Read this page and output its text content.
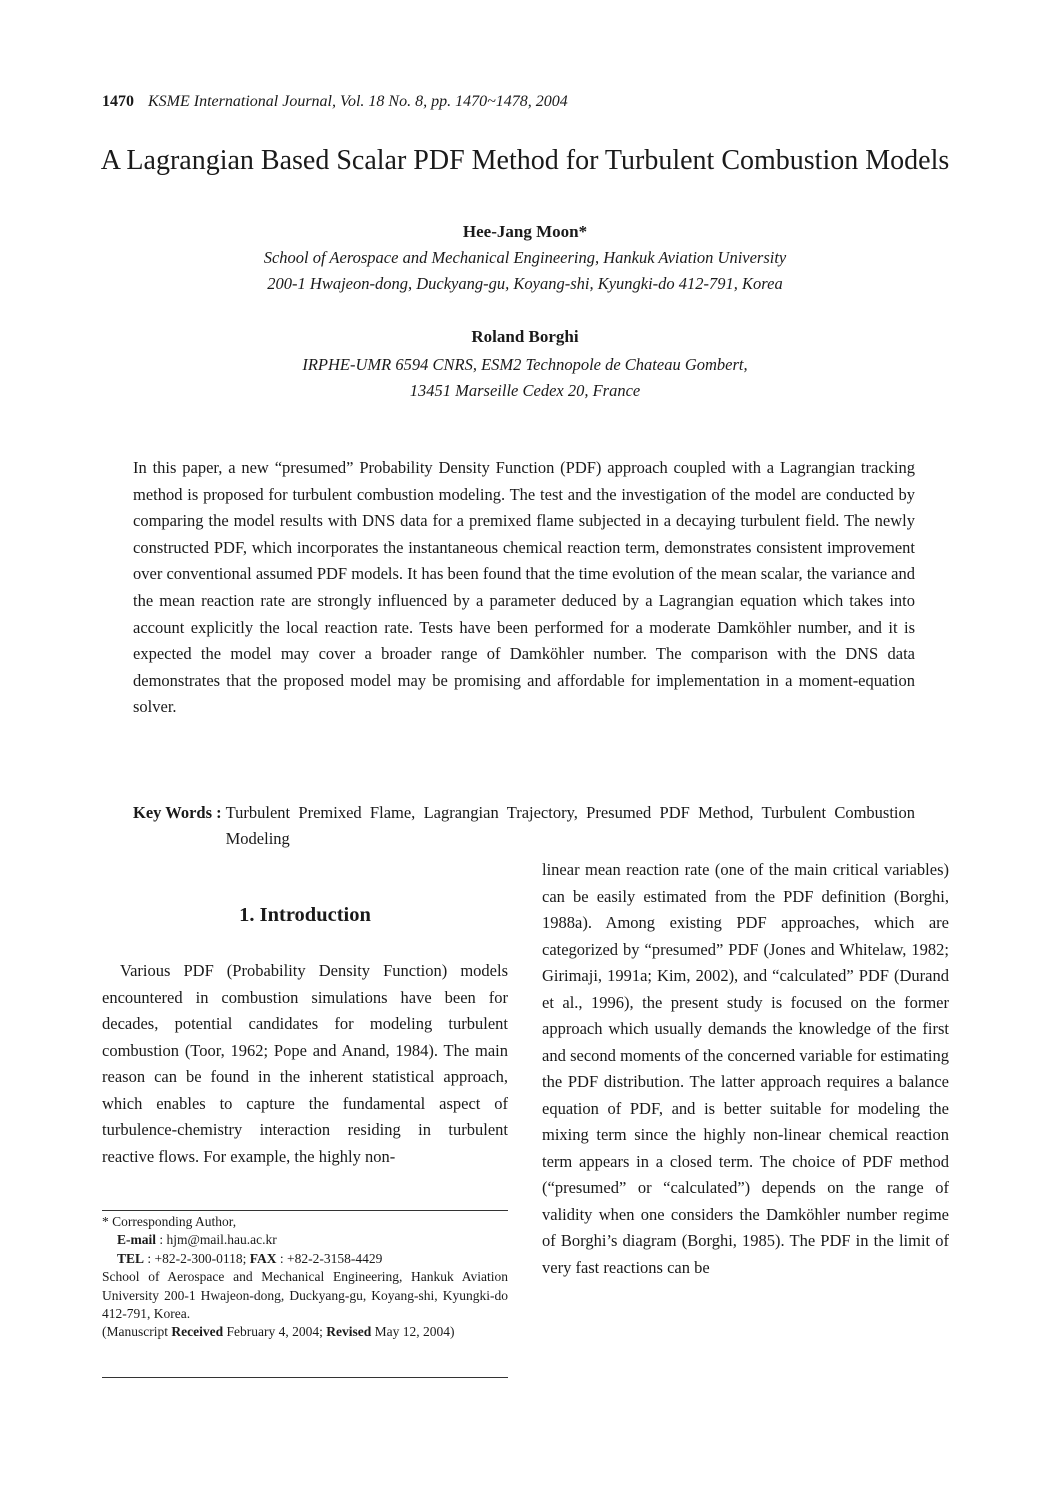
1470 KSME International Journal, Vol. 18 No. 8, pp. 1470~1478, 2004
A Lagrangian Based Scalar PDF Method for Turbulent Combustion Models
Hee-Jang Moon*
School of Aerospace and Mechanical Engineering, Hankuk Aviation University
200-1 Hwajeon-dong, Duckyang-gu, Koyang-shi, Kyungki-do 412-791, Korea
Roland Borghi
IRPHE-UMR 6594 CNRS, ESM2 Technopole de Chateau Gombert,
13451 Marseille Cedex 20, France
In this paper, a new “presumed” Probability Density Function (PDF) approach coupled with a Lagrangian tracking method is proposed for turbulent combustion modeling. The test and the investigation of the model are conducted by comparing the model results with DNS data for a premixed flame subjected in a decaying turbulent field. The newly constructed PDF, which incorporates the instantaneous chemical reaction term, demonstrates consistent improvement over conventional assumed PDF models. It has been found that the time evolution of the mean scalar, the variance and the mean reaction rate are strongly influenced by a parameter deduced by a Lagrangian equation which takes into account explicitly the local reaction rate. Tests have been performed for a moderate Damköhler number, and it is expected the model may cover a broader range of Damköhler number. The comparison with the DNS data demonstrates that the proposed model may be promising and affordable for implementation in a moment-equation solver.
Key Words : Turbulent Premixed Flame, Lagrangian Trajectory, Presumed PDF Method, Turbulent Combustion Modeling
1. Introduction
Various PDF (Probability Density Function) models encountered in combustion simulations have been for decades, potential candidates for modeling turbulent combustion (Toor, 1962; Pope and Anand, 1984). The main reason can be found in the inherent statistical approach, which enables to capture the fundamental aspect of turbulence-chemistry interaction residing in turbulent reactive flows. For example, the highly non-
linear mean reaction rate (one of the main critical variables) can be easily estimated from the PDF definition (Borghi, 1988a). Among existing PDF approaches, which are categorized by “presumed” PDF (Jones and Whitelaw, 1982; Girimaji, 1991a; Kim, 2002), and “calculated” PDF (Durand et al., 1996), the present study is focused on the former approach which usually demands the knowledge of the first and second moments of the concerned variable for estimating the PDF distribution. The latter approach requires a balance equation of PDF, and is better suitable for modeling the mixing term since the highly non-linear chemical reaction term appears in a closed term. The choice of PDF method (“presumed” or “calculated”) depends on the range of validity when one considers the Damköhler number regime of Borghi’s diagram (Borghi, 1985). The PDF in the limit of very fast reactions can be
* Corresponding Author,
E-mail : hjm@mail.hau.ac.kr
TEL : +82-2-300-0118; FAX : +82-2-3158-4429
School of Aerospace and Mechanical Engineering, Hankuk Aviation University 200-1 Hwajeon-dong, Duckyang-gu, Koyang-shi, Kyungki-do 412-791, Korea.
(Manuscript Received February 4, 2004; Revised May 12, 2004)
